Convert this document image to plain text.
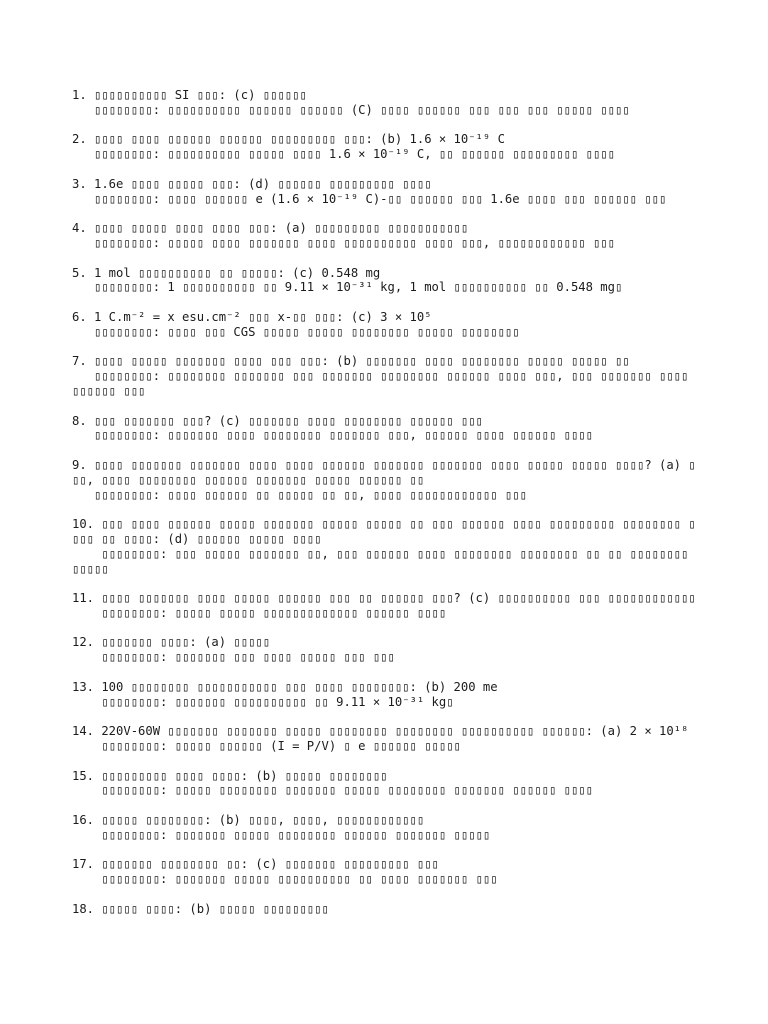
1. ▯▯▯▯▯▯▯▯▯▯ SI ▯▯▯: (c) ▯▯▯▯▯▯
▯▯▯▯▯▯▯▯: ▯▯▯▯▯▯▯▯▯▯ ▯▯▯▯▯▯ ▯▯▯▯▯▯ (C) ▯▯▯▯ ▯▯▯▯▯▯ ▯▯▯ ▯▯▯ ▯▯▯ ▯▯▯▯▯ ▯▯▯▯
2. ▯▯▯▯ ▯▯▯▯ ▯▯▯▯▯▯ ▯▯▯▯▯▯ ▯▯▯▯▯▯▯▯▯ ▯▯▯: (b) 1.6 × 10⁻¹⁹ C
▯▯▯▯▯▯▯▯: ▯▯▯▯▯▯▯▯▯▯ ▯▯▯▯▯ ▯▯▯▯ 1.6 × 10⁻¹⁹ C, ▯▯ ▯▯▯▯▯▯ ▯▯▯▯▯▯▯▯▯ ▯▯▯▯
3. 1.6e ▯▯▯▯ ▯▯▯▯▯ ▯▯▯: (d) ▯▯▯▯▯▯ ▯▯▯▯▯▯▯▯▯ ▯▯▯▯
▯▯▯▯▯▯▯▯: ▯▯▯▯ ▯▯▯▯▯▯ e (1.6 × 10⁻¹⁹ C)-▯▯ ▯▯▯▯▯▯ ▯▯▯ 1.6e ▯▯▯▯ ▯▯▯ ▯▯▯▯▯▯ ▯▯▯
4. ▯▯▯▯ ▯▯▯▯▯ ▯▯▯▯ ▯▯▯▯ ▯▯▯: (a) ▯▯▯▯▯▯▯▯▯ ▯▯▯▯▯▯▯▯▯▯▯
▯▯▯▯▯▯▯▯: ▯▯▯▯▯ ▯▯▯▯ ▯▯▯▯▯▯▯ ▯▯▯▯ ▯▯▯▯▯▯▯▯▯▯ ▯▯▯▯ ▯▯▯, ▯▯▯▯▯▯▯▯▯▯▯▯ ▯▯▯
5. 1 mol ▯▯▯▯▯▯▯▯▯▯ ▯▯ ▯▯▯▯▯: (c) 0.548 mg
▯▯▯▯▯▯▯▯: 1 ▯▯▯▯▯▯▯▯▯▯ ▯▯ 9.11 × 10⁻³¹ kg, 1 mol ▯▯▯▯▯▯▯▯▯▯ ▯▯ 0.548 mg▯
6. 1 C.m⁻² = x esu.cm⁻² ▯▯▯ x-▯▯ ▯▯▯: (c) 3 × 10⁵
▯▯▯▯▯▯▯▯: ▯▯▯▯ ▯▯▯ CGS ▯▯▯▯▯ ▯▯▯▯▯ ▯▯▯▯▯▯▯▯ ▯▯▯▯▯ ▯▯▯▯▯▯▯▯
7. ▯▯▯▯ ▯▯▯▯▯ ▯▯▯▯▯▯▯ ▯▯▯▯ ▯▯▯ ▯▯▯: (b) ▯▯▯▯▯▯▯ ▯▯▯▯ ▯▯▯▯▯▯▯▯ ▯▯▯▯▯ ▯▯▯▯▯ ▯▯
▯▯▯▯▯▯▯▯: ▯▯▯▯▯▯▯▯ ▯▯▯▯▯▯▯ ▯▯▯ ▯▯▯▯▯▯▯ ▯▯▯▯▯▯▯▯ ▯▯▯▯▯▯ ▯▯▯▯ ▯▯▯, ▯▯▯ ▯▯▯▯▯▯▯ ▯▯▯▯ ▯▯▯▯▯▯ ▯▯▯
8. ▯▯▯ ▯▯▯▯▯▯▯ ▯▯▯? (c) ▯▯▯▯▯▯▯ ▯▯▯▯ ▯▯▯▯▯▯▯▯ ▯▯▯▯▯▯ ▯▯▯
▯▯▯▯▯▯▯▯: ▯▯▯▯▯▯▯ ▯▯▯▯ ▯▯▯▯▯▯▯▯ ▯▯▯▯▯▯▯ ▯▯▯, ▯▯▯▯▯▯ ▯▯▯▯ ▯▯▯▯▯▯ ▯▯▯▯
9. ▯▯▯▯ ▯▯▯▯▯▯▯ ▯▯▯▯▯▯▯ ▯▯▯▯ ▯▯▯▯ ▯▯▯▯▯▯ ▯▯▯▯▯▯▯ ▯▯▯▯▯▯▯ ▯▯▯▯ ▯▯▯▯▯ ▯▯▯▯▯ ▯▯▯▯? (a) ▯▯▯, ▯▯▯▯ ▯▯▯▯▯▯▯▯ ▯▯▯▯▯▯ ▯▯▯▯▯▯▯ ▯▯▯▯▯ ▯▯▯▯▯▯ ▯▯
▯▯▯▯▯▯▯▯: ▯▯▯▯ ▯▯▯▯▯▯ ▯▯ ▯▯▯▯▯ ▯▯ ▯▯, ▯▯▯▯ ▯▯▯▯▯▯▯▯▯▯▯▯ ▯▯▯
10. ▯▯▯ ▯▯▯▯ ▯▯▯▯▯▯ ▯▯▯▯▯ ▯▯▯▯▯▯▯ ▯▯▯▯▯ ▯▯▯▯▯ ▯▯ ▯▯▯ ▯▯▯▯▯▯ ▯▯▯▯ ▯▯▯▯▯▯▯▯▯ ▯▯▯▯▯▯▯▯ ▯▯▯▯ ▯▯ ▯▯▯▯: (d) ▯▯▯▯▯▯ ▯▯▯▯▯ ▯▯▯▯
▯▯▯▯▯▯▯▯: ▯▯▯ ▯▯▯▯▯ ▯▯▯▯▯▯▯ ▯▯, ▯▯▯ ▯▯▯▯▯▯ ▯▯▯▯ ▯▯▯▯▯▯▯▯ ▯▯▯▯▯▯▯▯ ▯▯ ▯▯ ▯▯▯▯▯▯▯▯ ▯▯▯▯▯
11. ▯▯▯▯ ▯▯▯▯▯▯▯ ▯▯▯▯ ▯▯▯▯▯ ▯▯▯▯▯▯ ▯▯▯ ▯▯ ▯▯▯▯▯▯ ▯▯▯? (c) ▯▯▯▯▯▯▯▯▯▯ ▯▯▯ ▯▯▯▯▯▯▯▯▯▯▯▯
▯▯▯▯▯▯▯▯: ▯▯▯▯▯ ▯▯▯▯▯ ▯▯▯▯▯▯▯▯▯▯▯▯▯ ▯▯▯▯▯▯ ▯▯▯▯
12. ▯▯▯▯▯▯▯ ▯▯▯▯: (a) ▯▯▯▯▯
▯▯▯▯▯▯▯▯: ▯▯▯▯▯▯▯ ▯▯▯ ▯▯▯▯ ▯▯▯▯▯ ▯▯▯ ▯▯▯
13. 100 ▯▯▯▯▯▯▯▯ ▯▯▯▯▯▯▯▯▯▯▯ ▯▯▯ ▯▯▯▯ ▯▯▯▯▯▯▯▯: (b) 200 me
▯▯▯▯▯▯▯▯: ▯▯▯▯▯▯▯ ▯▯▯▯▯▯▯▯▯▯ ▯▯ 9.11 × 10⁻³¹ kg▯
14. 220V-60W ▯▯▯▯▯▯▯ ▯▯▯▯▯▯▯ ▯▯▯▯▯ ▯▯▯▯▯▯▯▯ ▯▯▯▯▯▯▯▯ ▯▯▯▯▯▯▯▯▯▯ ▯▯▯▯▯▯: (a) 2 × 10¹⁸
▯▯▯▯▯▯▯▯: ▯▯▯▯▯ ▯▯▯▯▯▯ (I = P/V) ▯ e ▯▯▯▯▯▯ ▯▯▯▯▯
15. ▯▯▯▯▯▯▯▯▯ ▯▯▯▯ ▯▯▯▯: (b) ▯▯▯▯▯ ▯▯▯▯▯▯▯▯
▯▯▯▯▯▯▯▯: ▯▯▯▯▯ ▯▯▯▯▯▯▯▯ ▯▯▯▯▯▯▯ ▯▯▯▯▯ ▯▯▯▯▯▯▯▯ ▯▯▯▯▯▯▯ ▯▯▯▯▯▯ ▯▯▯▯
16. ▯▯▯▯▯ ▯▯▯▯▯▯▯▯: (b) ▯▯▯▯, ▯▯▯▯, ▯▯▯▯▯▯▯▯▯▯▯▯
▯▯▯▯▯▯▯▯: ▯▯▯▯▯▯▯ ▯▯▯▯▯ ▯▯▯▯▯▯▯▯ ▯▯▯▯▯▯ ▯▯▯▯▯▯▯ ▯▯▯▯▯
17. ▯▯▯▯▯▯▯ ▯▯▯▯▯▯▯▯ ▯▯: (c) ▯▯▯▯▯▯▯ ▯▯▯▯▯▯▯▯▯ ▯▯▯
▯▯▯▯▯▯▯▯: ▯▯▯▯▯▯▯ ▯▯▯▯▯ ▯▯▯▯▯▯▯▯▯▯ ▯▯ ▯▯▯▯ ▯▯▯▯▯▯▯ ▯▯▯
18. ▯▯▯▯▯ ▯▯▯▯: (b) ▯▯▯▯▯ ▯▯▯▯▯▯▯▯▯
